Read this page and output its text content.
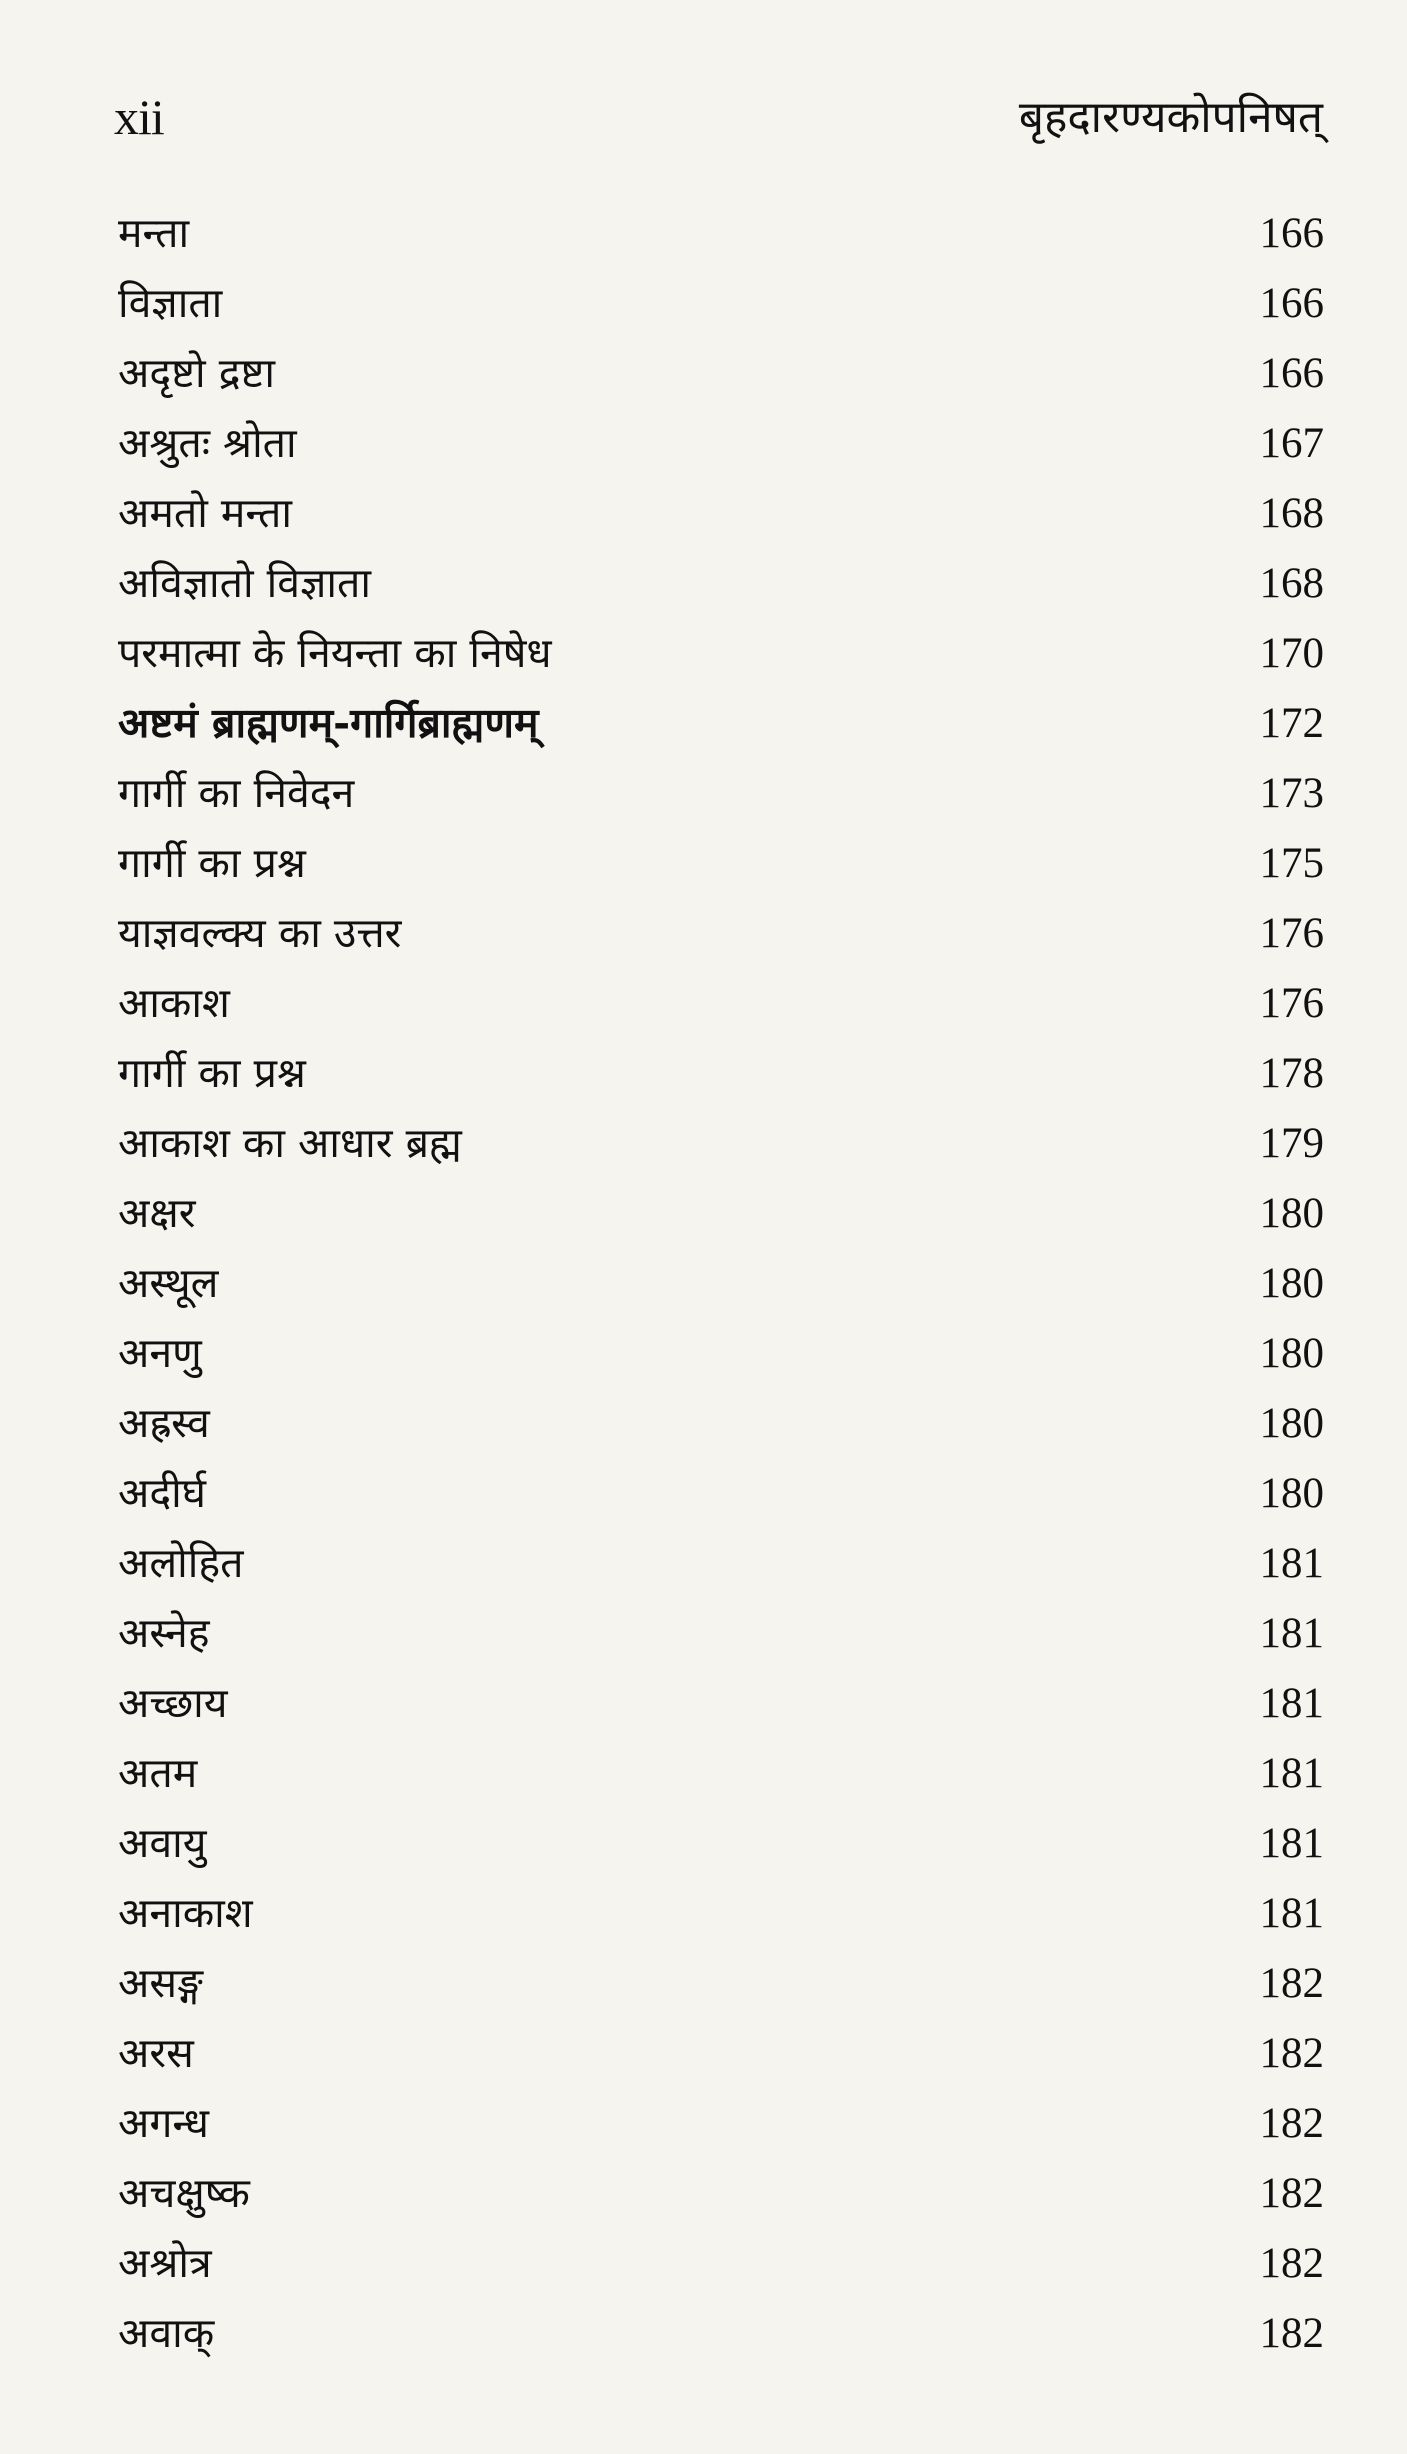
xii	बृहदारण्यकोपनिषत्
मन्ता	166
विज्ञाता	166
अदृष्टो द्रष्टा	166
अश्रुतः श्रोता	167
अमतो मन्ता	168
अविज्ञातो विज्ञाता	168
परमात्मा के नियन्ता का निषेध	170
अष्टमं ब्राह्मणम्-गार्गिब्राह्मणम्	172
गार्गी का निवेदन	173
गार्गी का प्रश्न	175
याज्ञवल्क्य का उत्तर	176
आकाश	176
गार्गी का प्रश्न	178
आकाश का आधार ब्रह्म	179
अक्षर	180
अस्थूल	180
अनणु	180
अह्रस्व	180
अदीर्घ	180
अलोहित	181
अस्नेह	181
अच्छाय	181
अतम	181
अवायु	181
अनाकाश	181
असङ्ग	182
अरस	182
अगन्ध	182
अचक्षुष्क	182
अश्रोत्र	182
अवाक्	182
